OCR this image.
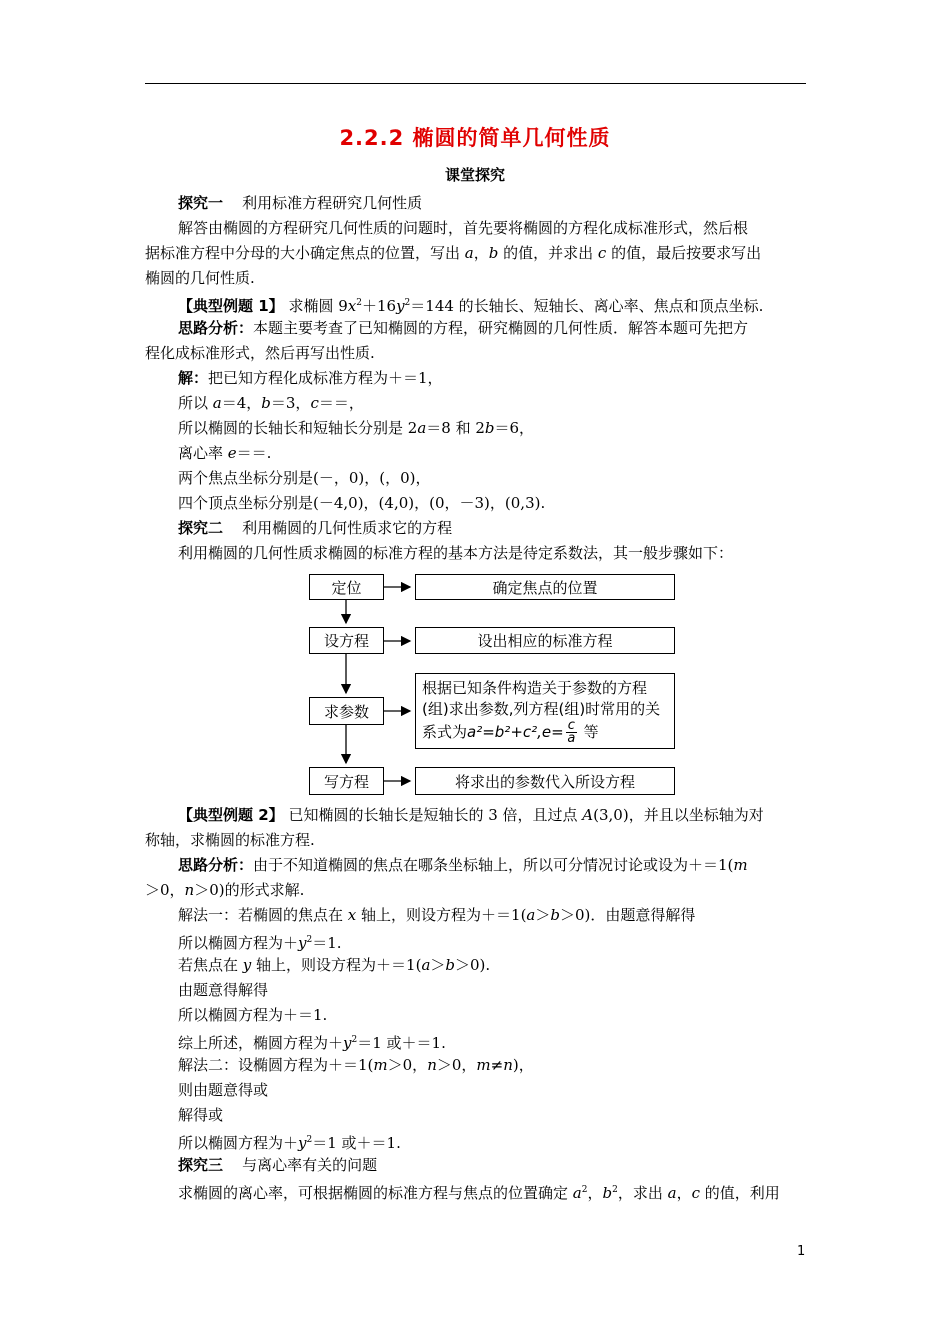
2.2.2 椭圆的简单几何性质
课堂探究
探究一 利用标准方程研究几何性质
解答由椭圆的方程研究几何性质的问题时，首先要将椭圆的方程化成标准形式，然后根
据标准方程中分母的大小确定焦点的位置，写出 a，b 的值，并求出 c 的值，最后按要求写出
椭圆的几何性质.
【典型例题 1】 求椭圆 $9x^2+16y^2=144$ 的长轴长、短轴长、离心率、焦点和顶点坐标.
思路分析：本题主要考查了已知椭圆的方程，研究椭圆的几何性质．解答本题可先把方
程化成标准形式，然后再写出性质.
解：把已知方程化成标准方程为＋＝1，
所以 a＝4，b＝3，c＝＝，
所以椭圆的长轴长和短轴长分别是 2a＝8 和 2b＝6，
离心率 e＝＝.
两个焦点坐标分别是(－，0)，(，0)，
四个顶点坐标分别是(－4,0)，(4,0)，(0，－3)，(0,3).
探究二 利用椭圆的几何性质求它的方程
利用椭圆的几何性质求椭圆的标准方程的基本方法是待定系数法，其一般步骤如下：
定位
设方程
求参数
写方程
确定焦点的位置
设出相应的标准方程
根据已知条件构造关于参数的方程
(组)求出参数,列方程(组)时常用的关
系式为$a^2=b^2+c^2,e= \frac{c}{a}$ 等
将求出的参数代入所设方程
【典型例题 2】 已知椭圆的长轴长是短轴长的 3 倍，且过点 A(3,0)，并且以坐标轴为对
称轴，求椭圆的标准方程.
思路分析：由于不知道椭圆的焦点在哪条坐标轴上，所以可分情况讨论或设为＋＝1(m
＞0，n＞0)的形式求解.
解法一：若椭圆的焦点在 x 轴上，则设方程为＋＝1(a＞b＞0)．由题意得解得
所以椭圆方程为$+y^2=1$.
若焦点在 y 轴上，则设方程为＋＝1(a＞b＞0).
由题意得解得
所以椭圆方程为＋＝1.
综上所述，椭圆方程为$+y^2=1$ 或＋＝1.
解法二：设椭圆方程为＋＝1(m＞0，n＞0，m≠n)，
则由题意得或
解得或
所以椭圆方程为$+y^2=1$ 或＋＝1.
探究三 与离心率有关的问题
求椭圆的离心率，可根据椭圆的标准方程与焦点的位置确定 $a^2$，$b^2$，求出 a，c 的值，利用
1
